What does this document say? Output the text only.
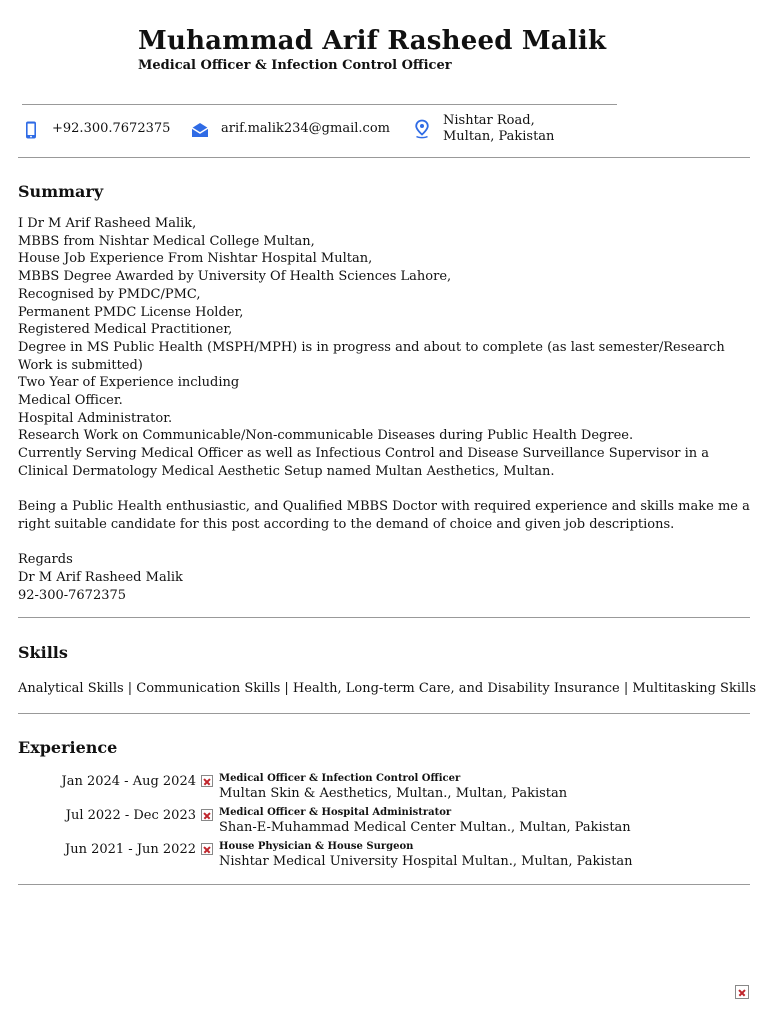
Muhammad Arif Rasheed Malik

Medical Officer & Infection Control Officer

+92.300.7672375	arif.malik234@gmail.com
Nishtar Road, Multan, Pakistan
Summary
I Dr M Arif Rasheed Malik,
MBBS from Nishtar Medical College Multan,
House Job Experience From Nishtar Hospital Multan,
MBBS Degree Awarded by University Of Health Sciences Lahore,
Recognised by PMDC/PMC,
Permanent PMDC License Holder,
Registered Medical Practitioner,
Degree in MS Public Health (MSPH/MPH) is in progress and about to complete (as last semester/Research
Work is submitted)
Two Year of Experience including
Medical Officer.
Hospital Administrator.
Research Work on Communicable/Non-communicable Diseases during Public Health Degree.
Currently Serving Medical Officer as well as Infectious Control and Disease Surveillance Supervisor in a
Clinical Dermatology Medical Aesthetic Setup named Multan Aesthetics, Multan.
Being a Public Health enthusiastic, and Qualified MBBS Doctor with required experience and skills make me a
right suitable candidate for this post according to the demand of choice and given job descriptions.
Regards
Dr M Arif Rasheed Malik
92-300-7672375
Skills
Analytical Skills | Communication Skills | Health, Long-term Care, and Disability Insurance | Multitasking Skills
Experience
Jan 2024 - Aug 2024 Medical Officer & Infection Control Officer
Multan Skin & Aesthetics, Multan., Multan, Pakistan
Jul 2022 - Dec 2023 Medical Officer & Hospital Administrator
Shan-E-Muhammad Medical Center Multan., Multan, Pakistan
Jun 2021 - Jun 2022 House Physician & House Surgeon
Nishtar Medical University Hospital Multan., Multan, Pakistan
